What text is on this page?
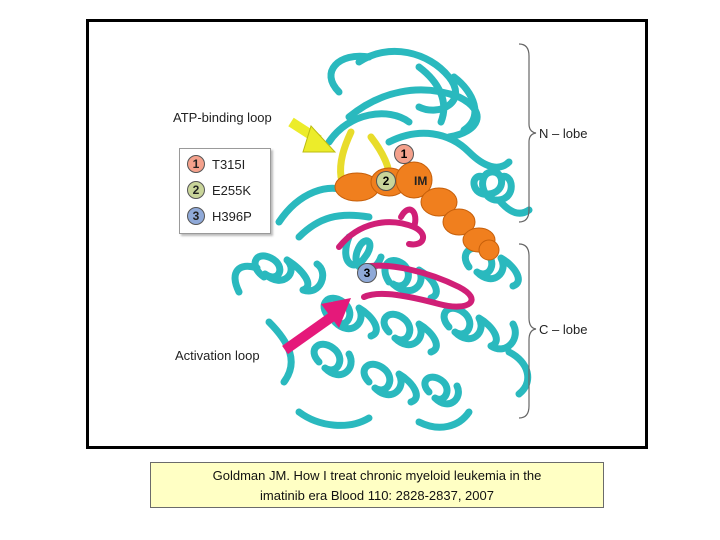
1
2
3
IM
ATP-binding loop
Activation loop
N – lobe
C – lobe
1 T315I
2 E255K
3 H396P
Goldman JM. How I treat chronic myeloid leukemia in the
imatinib era Blood 110: 2828-2837, 2007
